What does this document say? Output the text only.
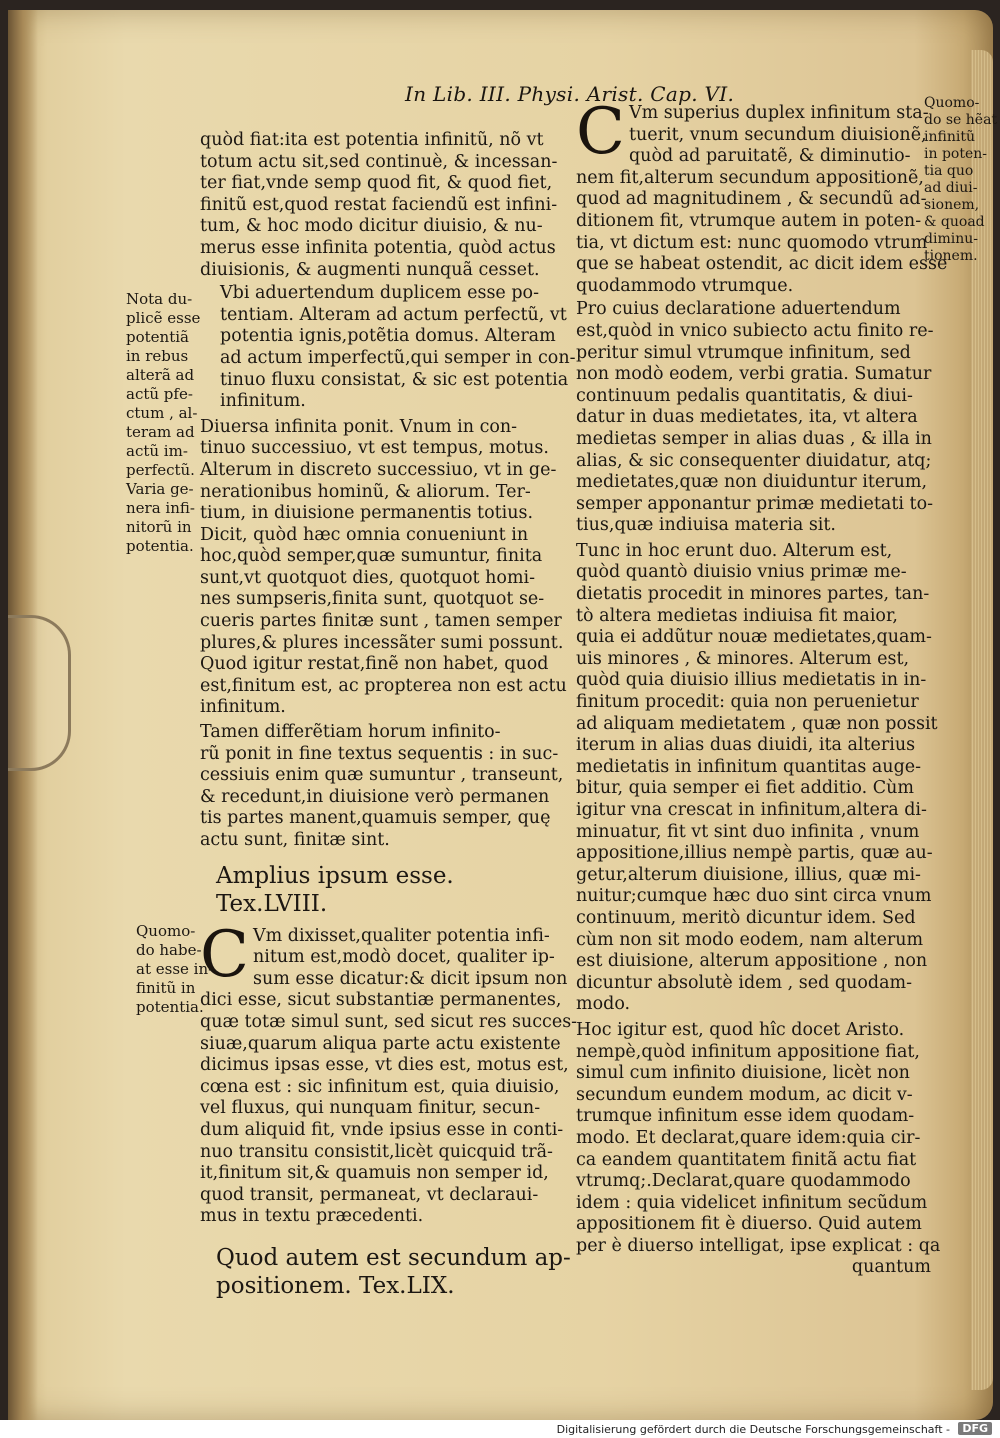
In Lib. III. Physi. Arist. Cap. VI.

quòd fiat:ita est potentia infinitũ, nõ vt

totum actu sit,sed continuè, & incessan-

ter fiat,vnde semp quod fit, & quod fiet,

finitũ est,quod restat faciendũ est infini-

tum, & hoc modo dicitur diuisio, & nu-

merus esse infinita potentia, quòd actus

diuisionis, & augmenti nunquã cesset.

Vbi aduertendum duplicem esse po-

tentiam. Alteram ad actum perfectũ, vt

potentia ignis,potẽtia domus. Alteram

ad actum imperfectũ,qui semper in con-

tinuo fluxu consistat, & sic est potentia

infinitum.

Diuersa infinita ponit. Vnum in con-

tinuo successiuo, vt est tempus, motus.

Alterum in discreto successiuo, vt in ge-

nerationibus hominũ, & aliorum. Ter-

tium, in diuisione permanentis totius.

Dicit, quòd hæc omnia conueniunt in

hoc,quòd semper,quæ sumuntur, finita

sunt,vt quotquot dies, quotquot homi-

nes sumpseris,finita sunt, quotquot se-

cueris partes finitæ sunt , tamen semper

plures,& plures incessãter sumi possunt.

Quod igitur restat,finẽ non habet, quod

est,finitum est, ac propterea non est actu

infinitum.

Tamen differẽtiam horum infinito-

rũ ponit in fine textus sequentis : in suc-

cessiuis enim quæ sumuntur , transeunt,

& recedunt,in diuisione verò permanen

tis partes manent,quamuis semper, quę

actu sunt, finitæ sint.

Amplius ipsum esse. Tex.LVIII.
C Vm dixisset,qualiter potentia infi-

nitum est,modò docet, qualiter ip-

sum esse dicatur:& dicit ipsum non

dici esse, sicut substantiæ permanentes,

quæ totæ simul sunt, sed sicut res succes-

siuæ,quarum aliqua parte actu existente

dicimus ipsas esse, vt dies est, motus est,

cœna est : sic infinitum est, quia diuisio,

vel fluxus, qui nunquam finitur, secun-

dum aliquid fit, vnde ipsius esse in conti-

nuo transitu consistit,licèt quicquid trã-

it,finitum sit,& quamuis non semper id,

quod transit, permaneat, vt declaraui-

mus in textu præcedenti.

Quod autem est secundum ap-

positionem. Tex.LIX.

C Vm superius duplex infinitum sta-

tuerit, vnum secundum diuisionẽ,

quòd ad paruitatẽ, & diminutio-

nem fit,alterum secundum appositionẽ,

quod ad magnitudinem , & secundũ ad-

ditionem fit, vtrumque autem in poten-

tia, vt dictum est: nunc quomodo vtrum

que se habeat ostendit, ac dicit idem esse

quodammodo vtrumque.

Pro cuius declaratione aduertendum

est,quòd in vnico subiecto actu finito re-

peritur simul vtrumque infinitum, sed

non modò eodem, verbi gratia. Sumatur

continuum pedalis quantitatis, & diui-

datur in duas medietates, ita, vt altera

medietas semper in alias duas , & illa in

alias, & sic consequenter diuidatur, atq;

medietates,quæ non diuiduntur iterum,

semper apponantur primæ medietati to-

tius,quæ indiuisa materia sit.

Tunc in hoc erunt duo. Alterum est,

quòd quantò diuisio vnius primæ me-

dietatis procedit in minores partes, tan-

tò altera medietas indiuisa fit maior,

quia ei addũtur nouæ medietates,quam-

uis minores , & minores. Alterum est,

quòd quia diuisio illius medietatis in in-

finitum procedit: quia non peruenietur

ad aliquam medietatem , quæ non possit

iterum in alias duas diuidi, ita alterius

medietatis in infinitum quantitas auge-

bitur, quia semper ei fiet additio. Cùm

igitur vna crescat in infinitum,altera di-

minuatur, fit vt sint duo infinita , vnum

appositione,illius nempè partis, quæ au-

getur,alterum diuisione, illius, quæ mi-

nuitur;cumque hæc duo sint circa vnum

continuum, meritò dicuntur idem. Sed

cùm non sit modo eodem, nam alterum

est diuisione, alterum appositione , non

dicuntur absolutè idem , sed quodam-

modo.

Hoc igitur est, quod hîc docet Aristo.

nempè,quòd infinitum appositione fiat,

simul cum infinito diuisione, licèt non

secundum eundem modum, ac dicit v-

trumque infinitum esse idem quodam-

modo. Et declarat,quare idem:quia cir-

ca eandem quantitatem finitã actu fiat

vtrumq;.Declarat,quare quodammodo

idem : quia videlicet infinitum secũdum

appositionem fit è diuerso. Quid autem

per è diuerso intelligat, ipse explicat : qa

quantum

Nota du-

plicẽ esse

potentiã

in rebus

alterã ad

actũ pfe-

ctum , al-

teram ad

actũ im-

perfectũ.

Varia ge-

nera infi-

nitorũ in

potentia.

Quomo-

do habe-

at esse in-

finitũ in

potentia.

Quomo-

do se hẽat

infinitũ

in poten-

tia quo

ad diui-

sionem,

& quoad

diminu-

tionem.

Digitalisierung gefördert durch die Deutsche Forschungsgemeinschaft -	DFG
